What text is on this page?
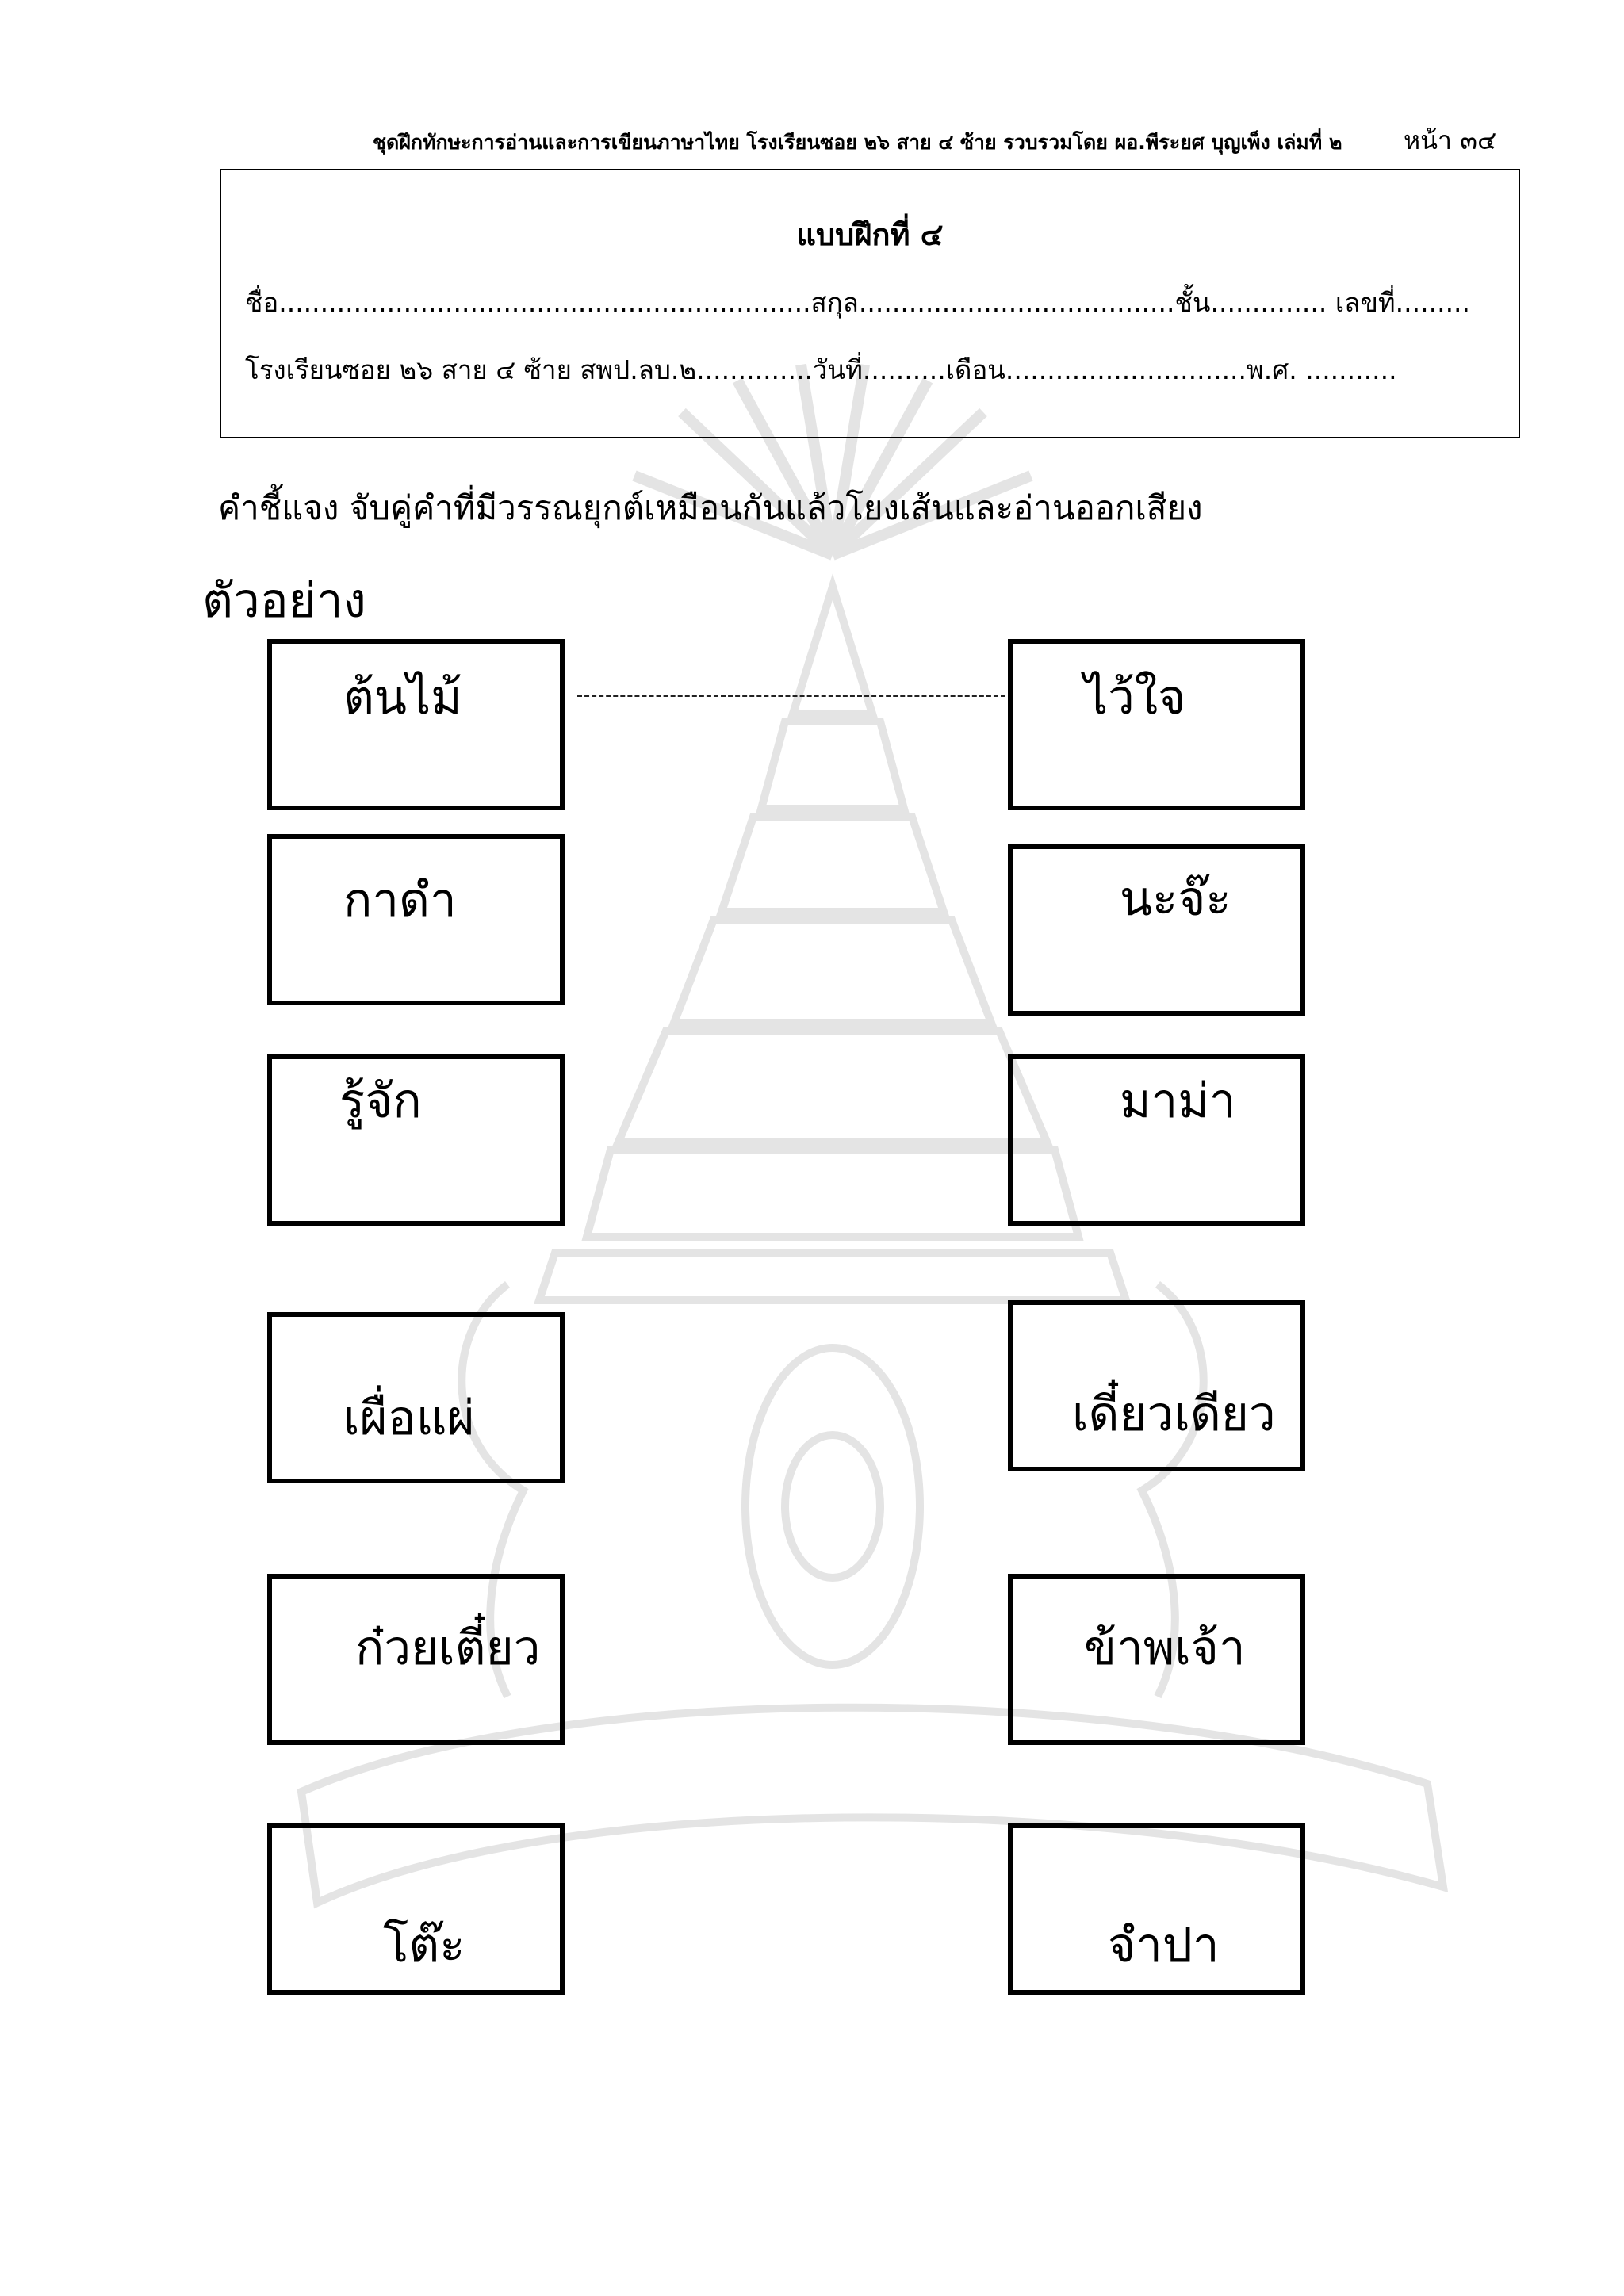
ชุดฝึกทักษะการอ่านและการเขียนภาษาไทย โรงเรียนซอย ๒๖ สาย ๔ ซ้าย รวบรวมโดย ผอ.พีระยศ บุญเพ็ง เล่มที่ ๒ หน้า ๓๔
แบบฝึกที่ ๔
ชื่อ................................................................สกุล......................................ชั้น.............. เลขที่.........
โรงเรียนซอย ๒๖ สาย ๔ ซ้าย สพป.ลบ.๒..............วันที่..........เดือน.............................พ.ศ. ...........
คำชี้แจง จับคู่คำที่มีวรรณยุกต์เหมือนกันแล้วโยงเส้นและอ่านออกเสียง
ตัวอย่าง
ต้นไม้
กาดำ
รู้จัก
เผื่อแผ่
ก๋วยเตี๋ยว
โต๊ะ
ไว้ใจ
นะจ๊ะ
มาม่า
เดี๋ยวเดียว
ข้าพเจ้า
จำปา
